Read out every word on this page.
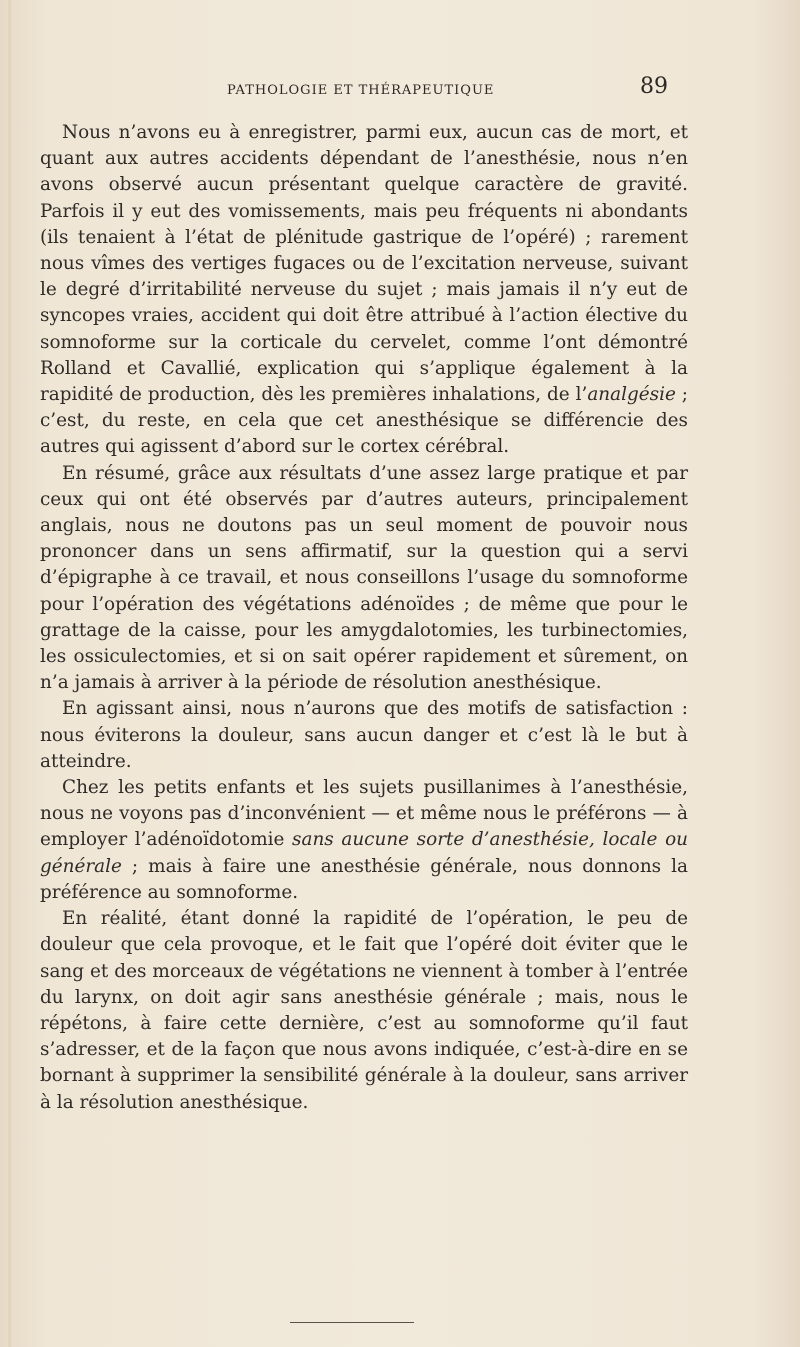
PATHOLOGIE ET THÉRAPEUTIQUE	89

Nous n’avons eu à enregistrer, parmi eux, aucun cas de mort, et quant aux autres accidents dépendant de l’anesthésie, nous n’en avons observé aucun présentant quelque caractère de gravité. Parfois il y eut des vomissements, mais peu fréquents ni abondants (ils tenaient à l’état de plénitude gastrique de l’opéré) ; rarement nous vîmes des vertiges fugaces ou de l’excitation nerveuse, suivant le degré d’irritabilité nerveuse du sujet ; mais jamais il n’y eut de syncopes vraies, accident qui doit être attribué à l’action élective du somnoforme sur la corticale du cervelet, comme l’ont démontré Rolland et Cavallié, explication qui s’applique également à la rapidité de production, dès les premières inhalations, de l’analgésie ; c’est, du reste, en cela que cet anesthésique se différencie des autres qui agissent d’abord sur le cortex cérébral.

En résumé, grâce aux résultats d’une assez large pratique et par ceux qui ont été observés par d’autres auteurs, principalement anglais, nous ne doutons pas un seul moment de pouvoir nous prononcer dans un sens affirmatif, sur la question qui a servi d’épigraphe à ce travail, et nous conseillons l’usage du somnoforme pour l’opération des végétations adénoïdes ; de même que pour le grattage de la caisse, pour les amygdalotomies, les turbinectomies, les ossiculectomies, et si on sait opérer rapidement et sûrement, on n’a jamais à arriver à la période de résolution anesthésique.

En agissant ainsi, nous n’aurons que des motifs de satisfaction : nous éviterons la douleur, sans aucun danger et c’est là le but à atteindre.

Chez les petits enfants et les sujets pusillanimes à l’anesthésie, nous ne voyons pas d’inconvénient — et même nous le préférons — à employer l’adénoïdotomie sans aucune sorte d’anesthésie, locale ou générale ; mais à faire une anesthésie générale, nous donnons la préférence au somnoforme.

En réalité, étant donné la rapidité de l’opération, le peu de douleur que cela provoque, et le fait que l’opéré doit éviter que le sang et des morceaux de végétations ne viennent à tomber à l’entrée du larynx, on doit agir sans anesthésie générale ; mais, nous le répétons, à faire cette dernière, c’est au somnoforme qu’il faut s’adresser, et de la façon que nous avons indiquée, c’est-à-dire en se bornant à supprimer la sensibilité générale à la douleur, sans arriver à la résolution anesthésique.
